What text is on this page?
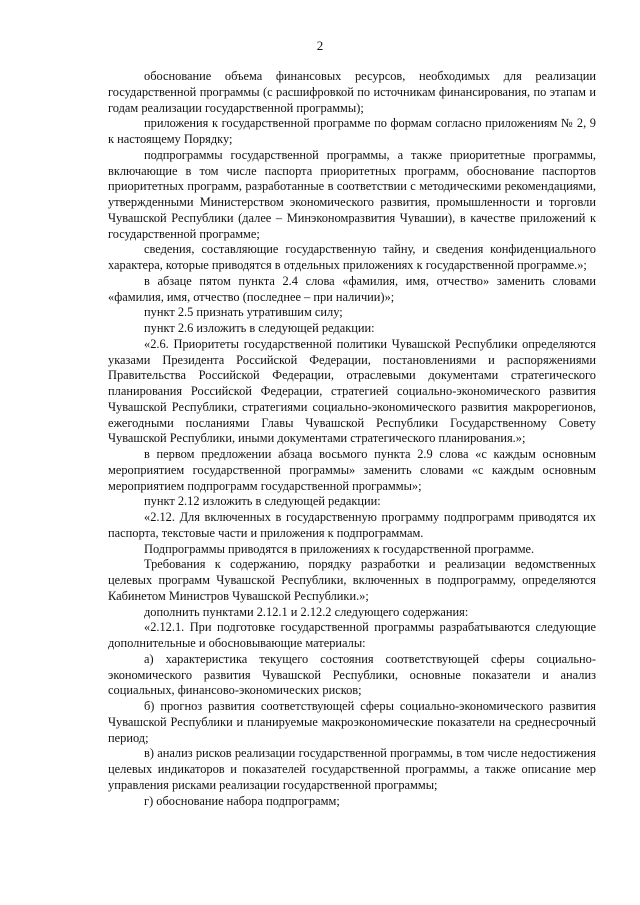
2

обоснование объема финансовых ресурсов, необходимых для реализации государственной программы (с расшифровкой по источникам финансирования, по этапам и годам реализации государственной программы);

приложения к государственной программе по формам согласно приложениям № 2, 9 к настоящему Порядку;

подпрограммы государственной программы, а также приоритетные программы, включающие в том числе паспорта приоритетных программ, обоснование паспортов приоритетных программ, разработанные в соответствии с методическими рекомендациями, утвержденными Министерством экономического развития, промышленности и торговли Чувашской Республики (далее – Минэкономразвития Чувашии), в качестве приложений к государственной программе;

сведения, составляющие государственную тайну, и сведения конфиденциального характера, которые приводятся в отдельных приложениях к государственной программе.»;

в абзаце пятом пункта 2.4 слова «фамилия, имя, отчество» заменить словами «фамилия, имя, отчество (последнее – при наличии)»;

пункт 2.5 признать утратившим силу;

пункт 2.6 изложить в следующей редакции:

«2.6. Приоритеты государственной политики Чувашской Республики определяются указами Президента Российской Федерации, постановлениями и распоряжениями Правительства Российской Федерации, отраслевыми документами стратегического планирования Российской Федерации, стратегией социально-экономического развития Чувашской Республики, стратегиями социально-экономического развития макрорегионов, ежегодными посланиями Главы Чувашской Республики Государственному Совету Чувашской Республики, иными документами стратегического планирования.»;

в первом предложении абзаца восьмого пункта 2.9 слова «с каждым основным мероприятием государственной программы» заменить словами «с каждым основным мероприятием подпрограмм государственной программы»;

пункт 2.12 изложить в следующей редакции:

«2.12. Для включенных в государственную программу подпрограмм приводятся их паспорта, текстовые части и приложения к подпрограммам.

Подпрограммы приводятся в приложениях к государственной программе.

Требования к содержанию, порядку разработки и реализации ведомственных целевых программ Чувашской Республики, включенных в подпрограмму, определяются Кабинетом Министров Чувашской Республики.»;

дополнить пунктами 2.12.1 и 2.12.2 следующего содержания:

«2.12.1. При подготовке государственной программы разрабатываются следующие дополнительные и обосновывающие материалы:

а) характеристика текущего состояния соответствующей сферы социально-экономического развития Чувашской Республики, основные показатели и анализ социальных, финансово-экономических рисков;

б) прогноз развития соответствующей сферы социально-экономического развития Чувашской Республики и планируемые макроэкономические показатели на среднесрочный период;

в) анализ рисков реализации государственной программы, в том числе недостижения целевых индикаторов и показателей государственной программы, а также описание мер управления рисками реализации государственной программы;

г) обоснование набора подпрограмм;
